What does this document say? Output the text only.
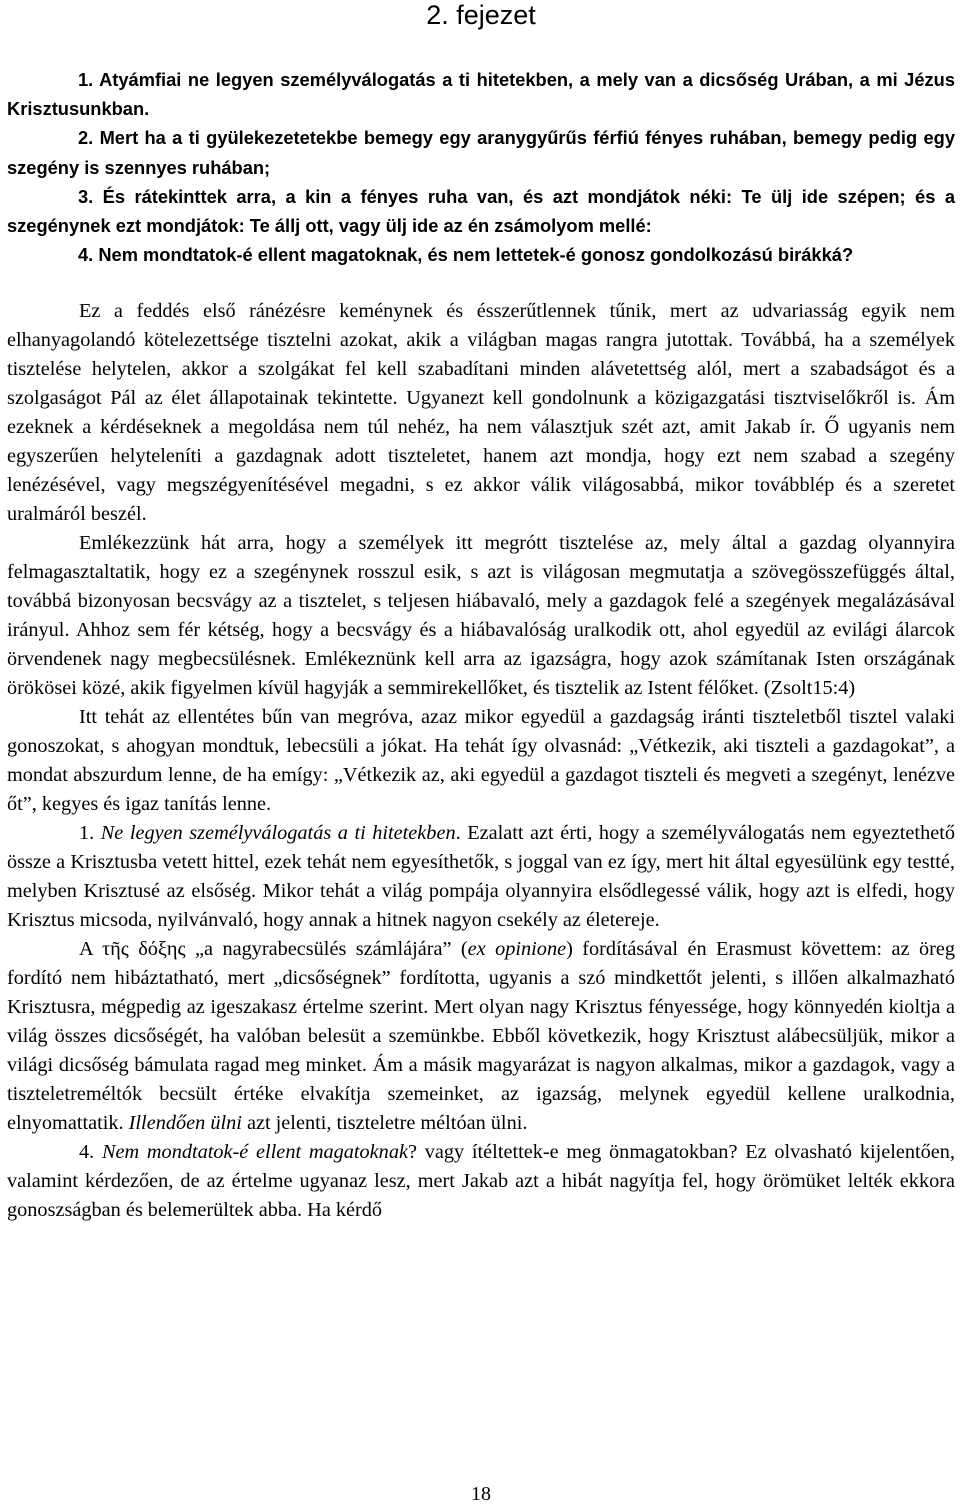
2. fejezet

1. Atyámfiai ne legyen személyválogatás a ti hitetekben, a mely van a dicsőség Urában, a mi Jézus Krisztusunkban.

2. Mert ha a ti gyülekezetetekbe bemegy egy aranygyűrűs férfiú fényes ruhában, bemegy pedig egy szegény is szennyes ruhában;

3. És rátekinttek arra, a kin a fényes ruha van, és azt mondjátok néki: Te ülj ide szépen; és a szegénynek ezt mondjátok: Te állj ott, vagy ülj ide az én zsámolyom mellé:

4. Nem mondtatok-é ellent magatoknak, és nem lettetek-é gonosz gondolkozású birákká?

Ez a feddés első ránézésre keménynek és ésszerűtlennek tűnik, mert az udvariasság egyik nem elhanyagolandó kötelezettsége tisztelni azokat, akik a világban magas rangra jutottak. Továbbá, ha a személyek tisztelése helytelen, akkor a szolgákat fel kell szabadítani minden alávetettség alól, mert a szabadságot és a szolgaságot Pál az élet állapotainak tekintette. Ugyanezt kell gondolnunk a közigazgatási tisztviselőkről is. Ám ezeknek a kérdéseknek a megoldása nem túl nehéz, ha nem választjuk szét azt, amit Jakab ír. Ő ugyanis nem egyszerűen helyteleníti a gazdagnak adott tiszteletet, hanem azt mondja, hogy ezt nem szabad a szegény lenézésével, vagy megszégyenítésével megadni, s ez akkor válik világosabbá, mikor továbblép és a szeretet uralmáról beszél.

Emlékezzünk hát arra, hogy a személyek itt megrótt tisztelése az, mely által a gazdag olyannyira felmagasztaltatik, hogy ez a szegénynek rosszul esik, s azt is világosan megmutatja a szövegösszefüggés által, továbbá bizonyosan becsvágy az a tisztelet, s teljesen hiábavaló, mely a gazdagok felé a szegények megalázásával irányul. Ahhoz sem fér kétség, hogy a becsvágy és a hiábavalóság uralkodik ott, ahol egyedül az evilági álarcok örvendenek nagy megbecsülésnek. Emlékeznünk kell arra az igazságra, hogy azok számítanak Isten országának örökösei közé, akik figyelmen kívül hagyják a semmirekellőket, és tisztelik az Istent félőket. (Zsolt15:4)

Itt tehát az ellentétes bűn van megróva, azaz mikor egyedül a gazdagság iránti tiszteletből tisztel valaki gonoszokat, s ahogyan mondtuk, lebecsüli a jókat. Ha tehát így olvasnád: „Vétkezik, aki tiszteli a gazdagokat”, a mondat abszurdum lenne, de ha emígy: „Vétkezik az, aki egyedül a gazdagot tiszteli és megveti a szegényt, lenézve őt”, kegyes és igaz tanítás lenne.

1. Ne legyen személyválogatás a ti hitetekben. Ezalatt azt érti, hogy a személyválogatás nem egyeztethető össze a Krisztusba vetett hittel, ezek tehát nem egyesíthetők, s joggal van ez így, mert hit által egyesülünk egy testté, melyben Krisztusé az elsőség. Mikor tehát a világ pompája olyannyira elsődlegessé válik, hogy azt is elfedi, hogy Krisztus micsoda, nyilvánvaló, hogy annak a hitnek nagyon csekély az életereje.

A τῆς δόξης „a nagyrabecsülés számlájára” (ex opinione) fordításával én Erasmust követtem: az öreg fordító nem hibáztatható, mert „dicsőségnek” fordította, ugyanis a szó mindkettőt jelenti, s illően alkalmazható Krisztusra, mégpedig az igeszakasz értelme szerint. Mert olyan nagy Krisztus fényessége, hogy könnyedén kioltja a világ összes dicsőségét, ha valóban belesüt a szemünkbe. Ebből következik, hogy Krisztust alábecsüljük, mikor a világi dicsőség bámulata ragad meg minket. Ám a másik magyarázat is nagyon alkalmas, mikor a gazdagok, vagy a tiszteletreméltók becsült értéke elvakítja szemeinket, az igazság, melynek egyedül kellene uralkodnia, elnyomattatik. Illendően ülni azt jelenti, tiszteletre méltóan ülni.

4. Nem mondtatok-é ellent magatoknak? vagy ítéltettek-e meg önmagatokban? Ez olvasható kijelentően, valamint kérdezően, de az értelme ugyanaz lesz, mert Jakab azt a hibát nagyítja fel, hogy örömüket lelték ekkora gonoszságban és belemerültek abba. Ha kérdő

18
